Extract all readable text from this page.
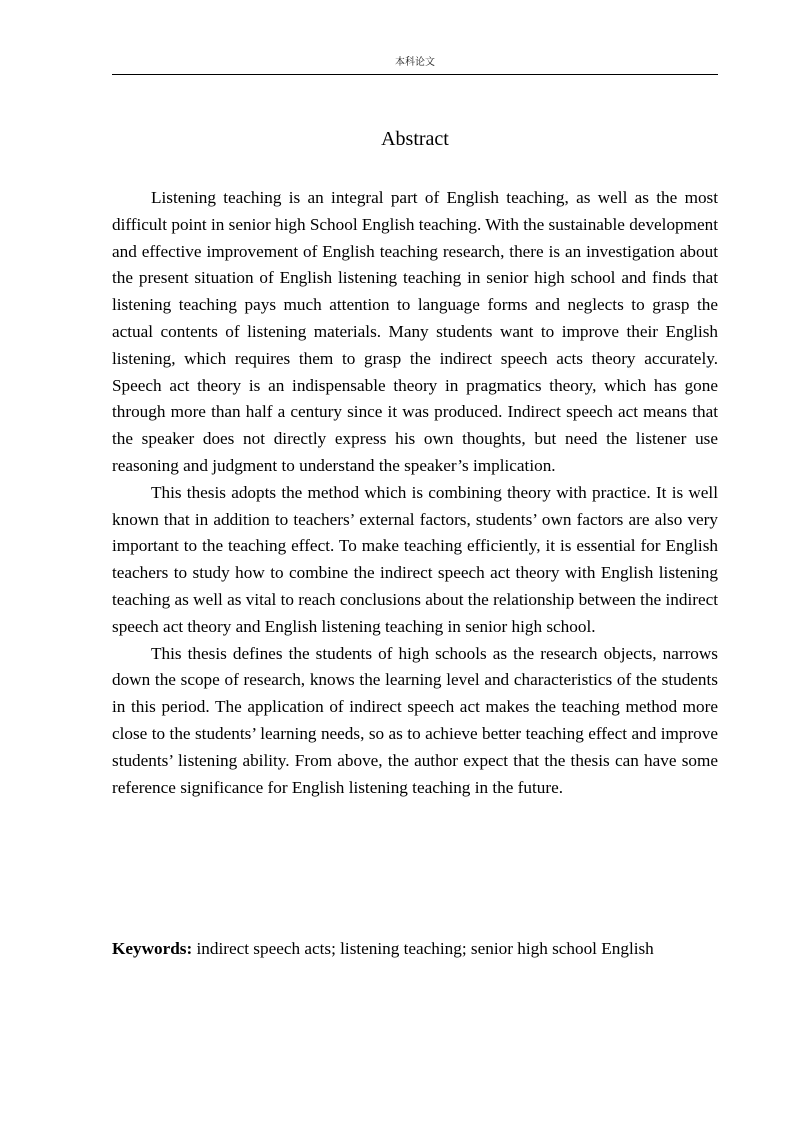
本科论文
Abstract

Listening teaching is an integral part of English teaching, as well as the most difficult point in senior high School English teaching. With the sustainable development and effective improvement of English teaching research, there is an investigation about the present situation of English listening teaching in senior high school and finds that listening teaching pays much attention to language forms and neglects to grasp the actual contents of listening materials. Many students want to improve their English listening, which requires them to grasp the indirect speech acts theory accurately. Speech act theory is an indispensable theory in pragmatics theory, which has gone through more than half a century since it was produced. Indirect speech act means that the speaker does not directly express his own thoughts, but need the listener use reasoning and judgment to understand the speaker’s implication.

This thesis adopts the method which is combining theory with practice. It is well known that in addition to teachers’ external factors, students’ own factors are also very important to the teaching effect. To make teaching efficiently, it is essential for English teachers to study how to combine the indirect speech act theory with English listening teaching as well as vital to reach conclusions about the relationship between the indirect speech act theory and English listening teaching in senior high school.

This thesis defines the students of high schools as the research objects, narrows down the scope of research, knows the learning level and characteristics of the students in this period. The application of indirect speech act makes the teaching method more close to the students’ learning needs, so as to achieve better teaching effect and improve students’ listening ability. From above, the author expect that the thesis can have some reference significance for English listening teaching in the future.

Keywords: indirect speech acts; listening teaching; senior high school English
